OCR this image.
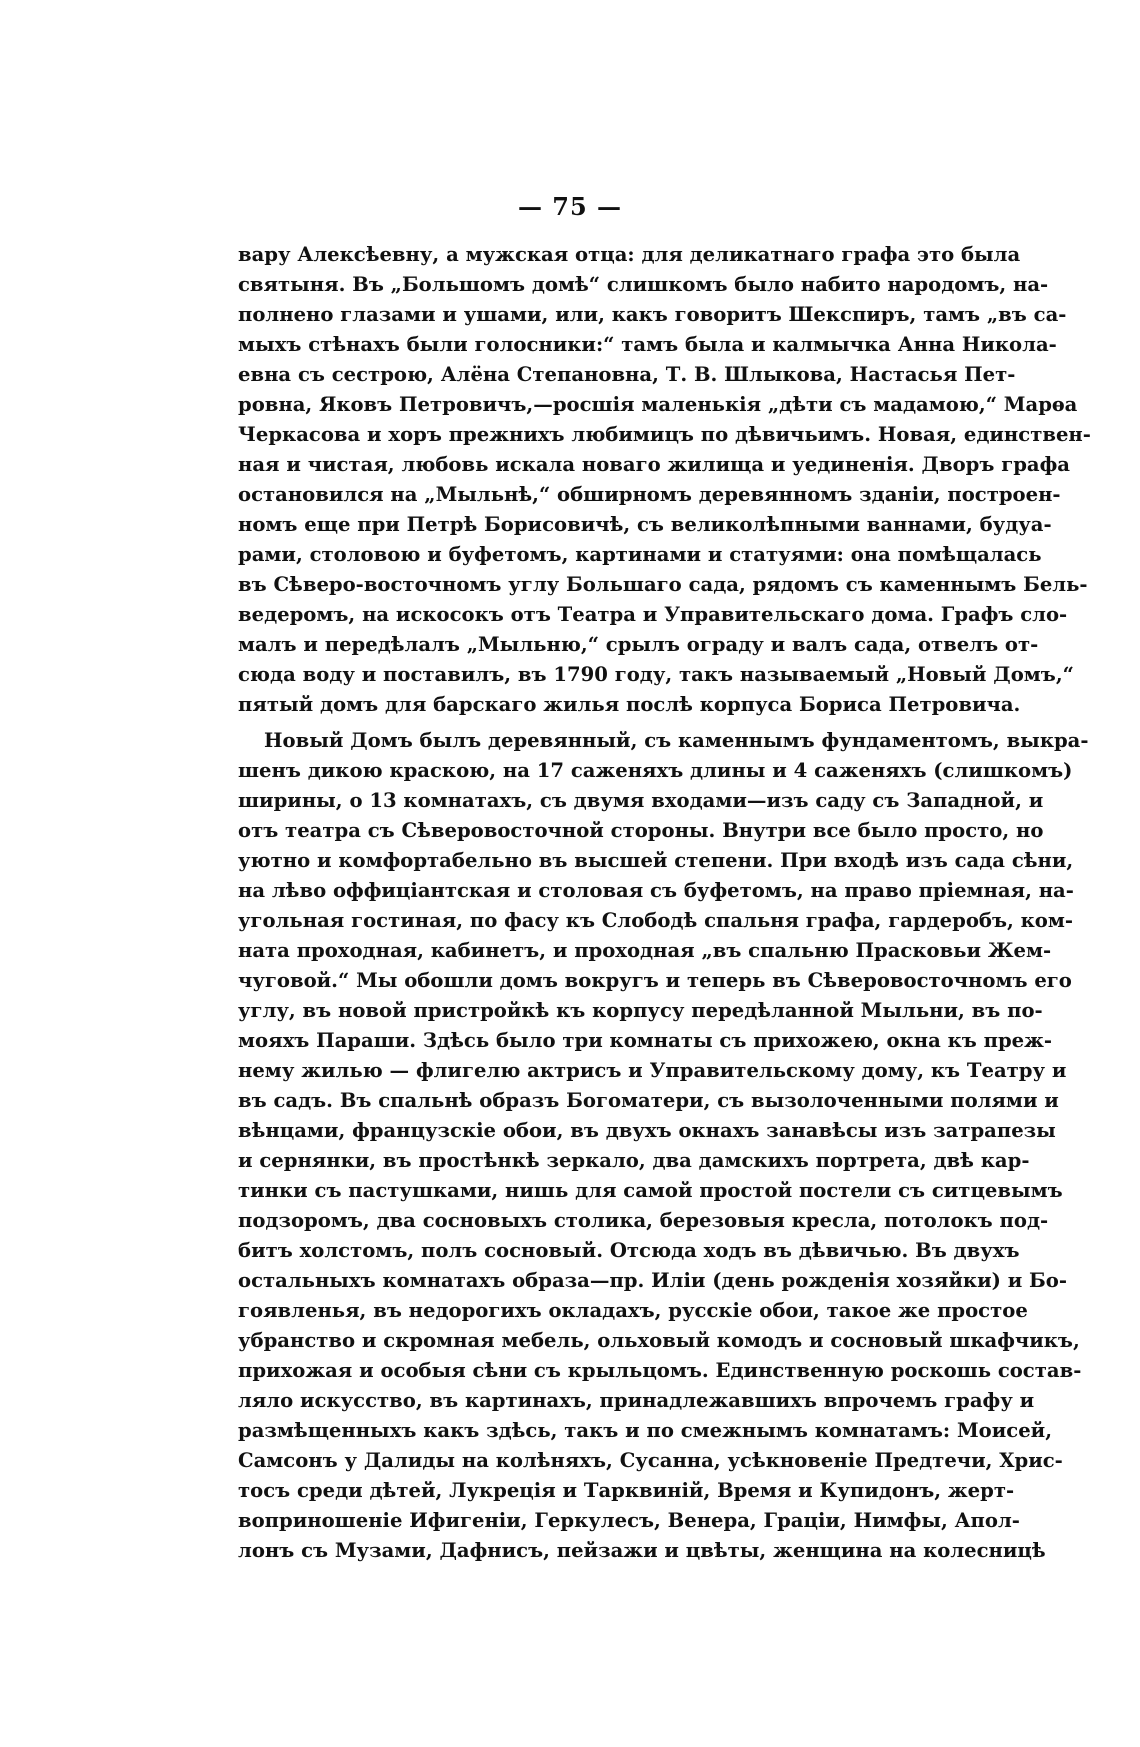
— 75 —
вару Алексѣевну, а мужская отца: для деликатнаго графа это была
святыня. Въ „Большомъ домѣ“ слишкомъ было набито народомъ, на-
полнено глазами и ушами, или, какъ говоритъ Шекспиръ, тамъ „въ са-
мыхъ стѣнахъ были голосники:“ тамъ была и калмычка Анна Никола-
евна съ сестрою, Алёна Степановна, Т. В. Шлыкова, Настасья Пет-
ровна, Яковъ Петровичъ,—росшія маленькія „дѣти съ мадамою,“ Марѳа
Черкасова и хоръ прежнихъ любимицъ по дѣвичьимъ. Новая, единствен-
ная и чистая, любовь искала новаго жилища и уединенія. Дворъ графа
остановился на „Мыльнѣ,“ обширномъ деревянномъ зданіи, построен-
номъ еще при Петрѣ Борисовичѣ, съ великолѣпными ваннами, будуа-
рами, столовою и буфетомъ, картинами и статуями: она помѣщалась
въ Сѣверо-восточномъ углу Большаго сада, рядомъ съ каменнымъ Бель-
ведеромъ, на искосокъ отъ Театра и Управительскаго дома. Графъ сло-
малъ и передѣлалъ „Мыльню,“ срылъ ограду и валъ сада, отвелъ от-
сюда воду и поставилъ, въ 1790 году, такъ называемый „Новый Домъ,“
пятый домъ для барскаго жилья послѣ корпуса Бориса Петровича.
Новый Домъ былъ деревянный, съ каменнымъ фундаментомъ, выкра-
шенъ дикою краскою, на 17 саженяхъ длины и 4 саженяхъ (слишкомъ)
ширины, о 13 комнатахъ, съ двумя входами—изъ саду съ Западной, и
отъ театра съ Сѣверовосточной стороны. Внутри все было просто, но
уютно и комфортабельно въ высшей степени. При входѣ изъ сада сѣни,
на лѣво оффиціантская и столовая съ буфетомъ, на право пріемная, на-
угольная гостиная, по фасу къ Слободѣ спальня графа, гардеробъ, ком-
ната проходная, кабинетъ, и проходная „въ спальню Прасковьи Жем-
чуговой.“ Мы обошли домъ вокругъ и теперь въ Сѣверовосточномъ его
углу, въ новой пристройкѣ къ корпусу передѣланной Мыльни, въ по-
мояхъ Параши. Здѣсь было три комнаты съ прихожею, окна къ преж-
нему жилью — флигелю актрисъ и Управительскому дому, къ Театру и
въ садъ. Въ спальнѣ образъ Богоматери, съ вызолоченными полями и
вѣнцами, французскіе обои, въ двухъ окнахъ занавѣсы изъ затрапезы
и сернянки, въ простѣнкѣ зеркало, два дамскихъ портрета, двѣ кар-
тинки съ пастушками, нишь для самой простой постели съ ситцевымъ
подзоромъ, два сосновыхъ столика, березовыя кресла, потолокъ под-
битъ холстомъ, полъ сосновый. Отсюда ходъ въ дѣвичью. Въ двухъ
остальныхъ комнатахъ образа—пр. Иліи (день рожденія хозяйки) и Бо-
гоявленья, въ недорогихъ окладахъ, русскіе обои, такое же простое
убранство и скромная мебель, ольховый комодъ и сосновый шкафчикъ,
прихожая и особыя сѣни съ крыльцомъ. Единственную роскошь состав-
ляло искусство, въ картинахъ, принадлежавшихъ впрочемъ графу и
размѣщенныхъ какъ здѣсь, такъ и по смежнымъ комнатамъ: Моисей,
Самсонъ у Далиды на колѣняхъ, Сусанна, усѣкновеніе Предтечи, Хрис-
тосъ среди дѣтей, Лукреція и Тарквиній, Время и Купидонъ, жерт-
воприношеніе Ифигеніи, Геркулесъ, Венера, Граціи, Нимфы, Апол-
лонъ съ Музами, Дафнисъ, пейзажи и цвѣты, женщина на колесницѣ
